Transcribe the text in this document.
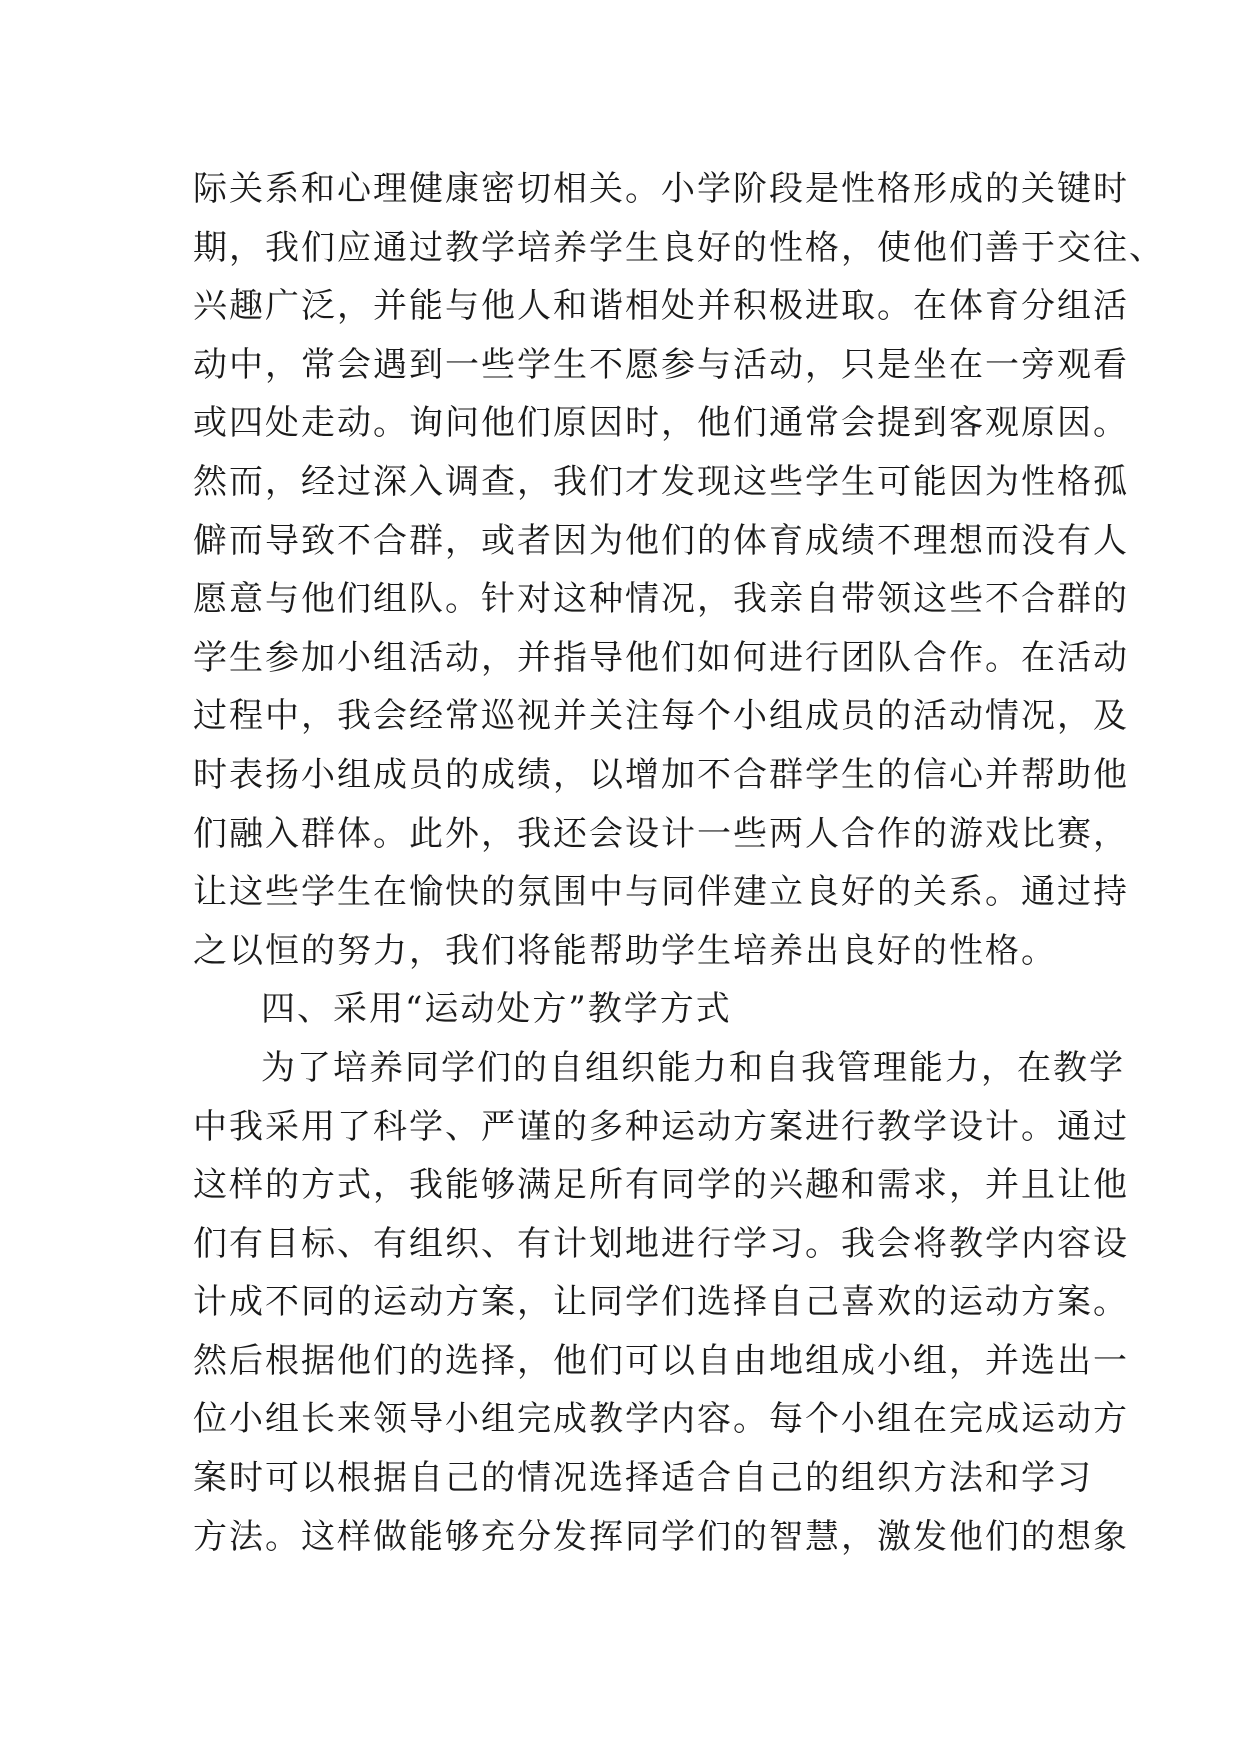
际关系和心理健康密切相关。小学阶段是性格形成的关键时
期，我们应通过教学培养学生良好的性格，使他们善于交往、
兴趣广泛，并能与他人和谐相处并积极进取。在体育分组活
动中，常会遇到一些学生不愿参与活动，只是坐在一旁观看
或四处走动。询问他们原因时，他们通常会提到客观原因。
然而，经过深入调查，我们才发现这些学生可能因为性格孤
僻而导致不合群，或者因为他们的体育成绩不理想而没有人
愿意与他们组队。针对这种情况，我亲自带领这些不合群的
学生参加小组活动，并指导他们如何进行团队合作。在活动
过程中，我会经常巡视并关注每个小组成员的活动情况，及
时表扬小组成员的成绩，以增加不合群学生的信心并帮助他
们融入群体。此外，我还会设计一些两人合作的游戏比赛，
让这些学生在愉快的氛围中与同伴建立良好的关系。通过持
之以恒的努力，我们将能帮助学生培养出良好的性格。
四、采用“运动处方”教学方式
为了培养同学们的自组织能力和自我管理能力，在教学
中我采用了科学、严谨的多种运动方案进行教学设计。通过
这样的方式，我能够满足所有同学的兴趣和需求，并且让他
们有目标、有组织、有计划地进行学习。我会将教学内容设
计成不同的运动方案，让同学们选择自己喜欢的运动方案。
然后根据他们的选择，他们可以自由地组成小组，并选出一
位小组长来领导小组完成教学内容。每个小组在完成运动方
案时可以根据自己的情况选择适合自己的组织方法和学习
方法。这样做能够充分发挥同学们的智慧，激发他们的想象
